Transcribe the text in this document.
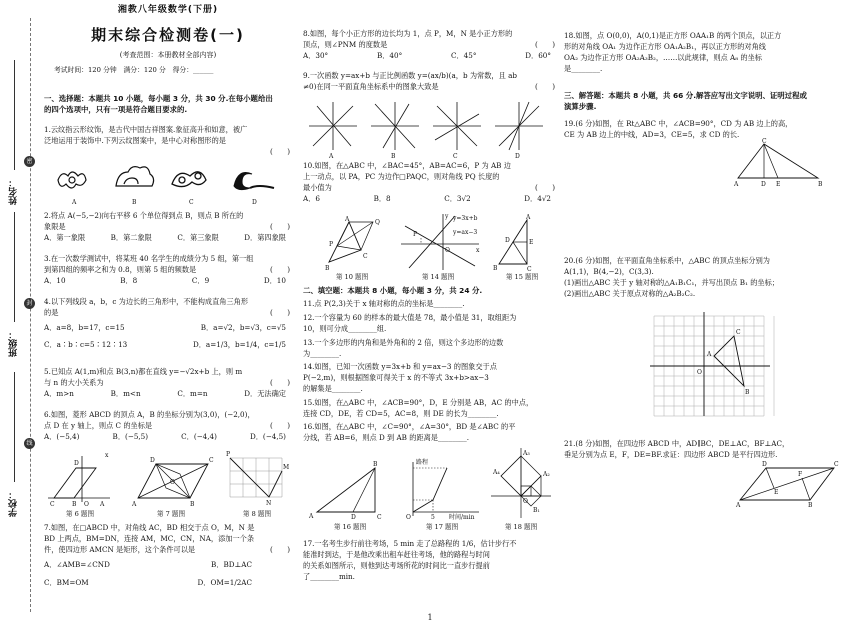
姓名：
班级：
学校：
密
封
线
湘教八年级数学(下册)
期末综合检测卷(一)
(考查范围：本册教材全部内容)
考试时间：120 分钟　满分：120 分　得分：______
一、选择题：本题共 10 小题，每小题 3 分，共 30 分.在每小题给出
的四个选项中，只有一项是符合题目要求的.
1.云纹指云形纹饰，是古代中国古祥图案.象征高升和如意，被广
泛地运用于装饰中.下列云纹图案中，是中心对称图形的是
(　　)
A	B	C	D
2.将点 A(−5,−2)向右平移 6 个单位得到点 B，则点 B 所在的
象限是	(　　)
A．第一象限	B．第二象限	C．第三象限	D．第四象限
3.在一次数学测试中，将某班 40 名学生的成绩分为 5 组，第一组
到第四组的频率之和为 0.8，则第 5 组的频数是	(　　)
A．10	B．8	C．9	D．10
4.以下列线段 a，b，c 为边长的三角形中，不能构成直角三角形
的是	(　　)
A．a=8，b=17，c=15	B．a=√2，b=√3，c=√5
C．a∶b∶c=5∶12∶13	D．a=1/3，b=1/4，c=1/5
5.已知点 A(1,m)和点 B(3,n)都在直线 y=−√2x+b 上，则 m
与 n 的大小关系为	(　　)
A．m>n	B．m<n	C．m=n	D．无法确定
6.如图，菱形 ABCD 的顶点 A，B 的坐标分别为(3,0)，(−2,0)，
点 D 在 y 轴上，则点 C 的坐标是	(　　)
A．(−5,4)	B．(−5,5)	C．(−4,4)	D．(−4,5)
C	B O A
D
x
第 6 题图
A	B
C
D
O
第 7 题图
P
N
M
第 8 题图
7.如图，在□ABCD 中，对角线 AC，BD 相交于点 O，M，N 是
BD 上两点，BM=DN，连接 AM，MC，CN，NA，添加一个条
件，使四边形 AMCN 是矩形，这个条件可以是	(　　)
A．∠AMB=∠CND	B．BD⊥AC
C．BM=OM	D．OM=1/2AC
8.如图，每个小正方形的边长均为 1，点 P，M，N 是小正方形的
顶点，则∠PNM 的度数是	(　　)
A．30°	B．40°	C．45°	D．60°
9.一次函数 y=ax+b 与正比例函数 y=(ax/b)(a，b 为常数，且 ab
≠0)在同一平面直角坐标系中的图象大致是	(　　)
A	B	C	D
10.如图，在△ABC 中，∠BAC=45°，AB=AC=6，P 为 AB 边
上一动点，以 PA，PC 为边作□PAQC，则对角线 PQ 长度的
最小值为	(　　)
A．6	B．8	C．3√2	D．4√2
A	Q
P
B
C
第 10 题图
y=3x+b
y=ax−3
P
O	x
y
第 14 题图
A
E
D
B	C
第 15 题图
二、填空题：本题共 8 小题，每小题 3 分，共 24 分.
11.点 P(2,3)关于 x 轴对称的点的坐标是________.
12.一个容量为 60 的样本的最大值是 78，最小值是 31，取组距为
10，则可分成________组.
13.一个多边形的内角和是外角和的 2 倍，则这个多边形的边数
为________.
14.如图，已知一次函数 y=3x+b 和 y=ax−3 的图象交于点
P(−2,m)，则根据图象可得关于 x 的不等式 3x+b>ax−3
的解集是________.
15.如图，在△ABC 中，∠ACB=90°，D，E 分别是 AB，AC 的中点，
连接 CD，DE，若 CD=5，AC=8，则 DE 的长为________.
16.如图，在△ABC 中，∠C=90°，∠A=30°，BD 是∠ABC 的平
分线，若 AB=6，则点 D 到 AB 的距离是________.
B
A	D	C
第 16 题图
路程
时间/min
5
O
第 17 题图
A₃
A₄	A₂
O
B₁
第 18 题图
17.一名考生步行前往考场，5 min 走了总路程的 1/6，估计步行不
能准时到达，于是他改乘出租车赶往考场，他的路程与时间
的关系如图所示，则他到达考场所花的时间比一直步行提前
了________min.
18.如图，点 O(0,0)，A(0,1)是正方形 OAA₁B 的两个顶点，以正方
形的对角线 OA₁ 为边作正方形 OA₁A₂B₁，再以正方形的对角线
OA₂ 为边作正方形 OA₂A₃B₂，……以此规律，则点 A₈ 的坐标
是________.
三、解答题：本题共 8 小题，共 66 分.解答应写出文字说明、证明过程或
演算步骤.
19.(6 分)如图，在 Rt△ABC 中，∠ACB=90°，CD 为 AB 边上的高，
CE 为 AB 边上的中线，AD=3，CE=5，求 CD 的长.
C
A	D E	B
20.(6 分)如图，在平面直角坐标系中，△ABC 的顶点坐标分别为
A(1,1)，B(4,−2)，C(3,3).
(1)画出△ABC 关于 y 轴对称的△A₁B₁C₁，并写出顶点 B₁ 的坐标；
(2)画出△ABC 关于原点对称的△A₂B₂C₂.
A
B
C
O
21.(8 分)如图，在四边形 ABCD 中，AD∥BC，DE⊥AC，BF⊥AC，
垂足分别为点 E，F，DE=BF.求证：四边形 ABCD 是平行四边形.
D	C
A	B
E
F
1
